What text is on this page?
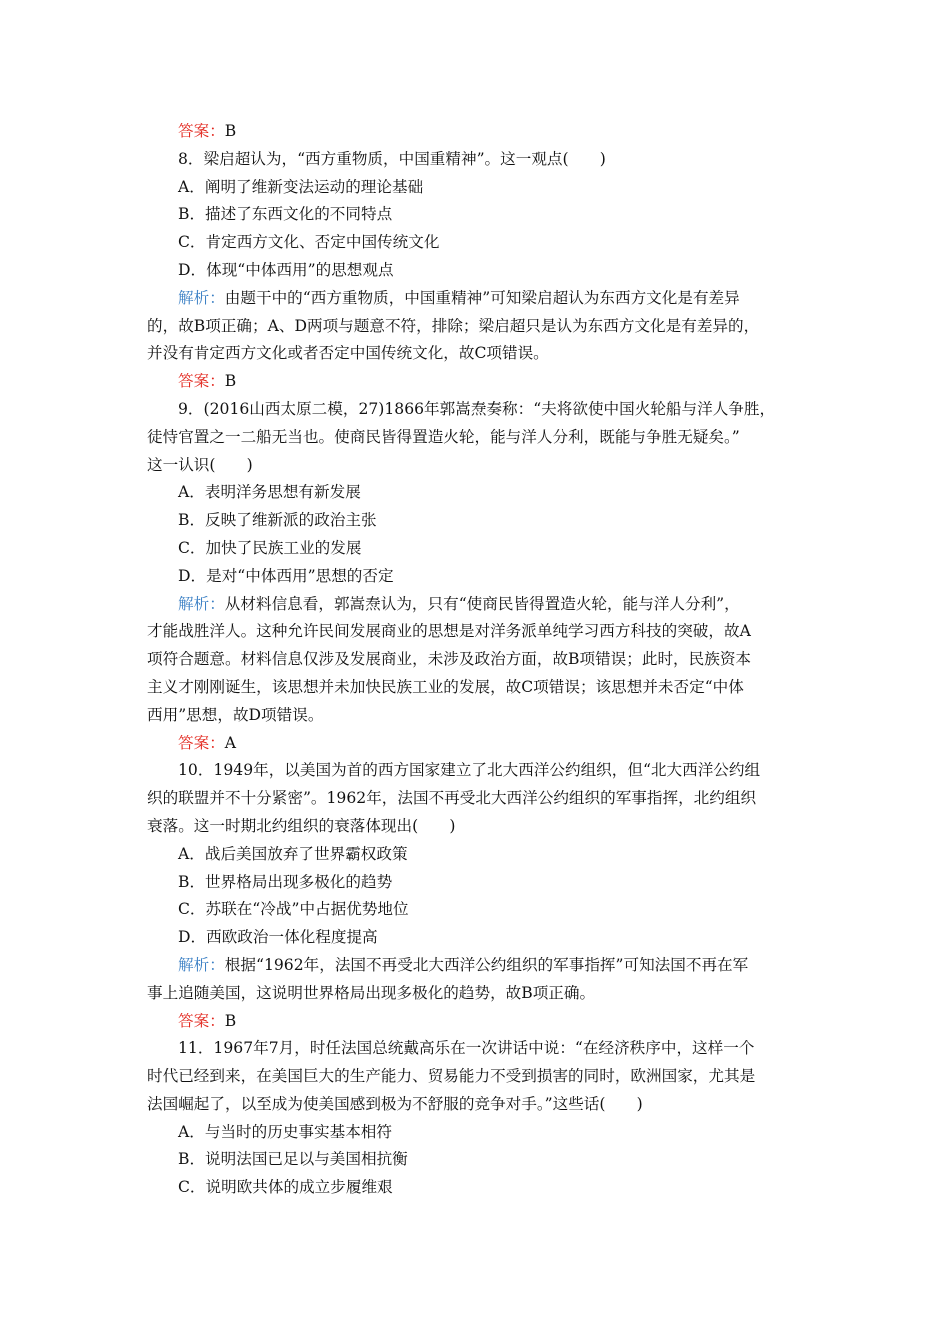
答案：B
8．梁启超认为，“西方重物质，中国重精神”。这一观点(　　)
A．阐明了维新变法运动的理论基础
B．描述了东西文化的不同特点
C．肯定西方文化、否定中国传统文化
D．体现“中体西用”的思想观点
解析：由题干中的“西方重物质，中国重精神”可知梁启超认为东西方文化是有差异
的，故B项正确；A、D两项与题意不符，排除；梁启超只是认为东西方文化是有差异的，
并没有肯定西方文化或者否定中国传统文化，故C项错误。
答案：B
9．(2016山西太原二模，27)1866年郭嵩焘奏称：“夫将欲使中国火轮船与洋人争胜，
徒恃官置之一二船无当也。使商民皆得置造火轮，能与洋人分利，既能与争胜无疑矣。”
这一认识(　　)
A．表明洋务思想有新发展
B．反映了维新派的政治主张
C．加快了民族工业的发展
D．是对“中体西用”思想的否定
解析：从材料信息看，郭嵩焘认为，只有“使商民皆得置造火轮，能与洋人分利”，
才能战胜洋人。这种允许民间发展商业的思想是对洋务派单纯学习西方科技的突破，故A
项符合题意。材料信息仅涉及发展商业，未涉及政治方面，故B项错误；此时，民族资本
主义才刚刚诞生，该思想并未加快民族工业的发展，故C项错误；该思想并未否定“中体
西用”思想，故D项错误。
答案：A
10．1949年，以美国为首的西方国家建立了北大西洋公约组织，但“北大西洋公约组
织的联盟并不十分紧密”。1962年，法国不再受北大西洋公约组织的军事指挥，北约组织
衰落。这一时期北约组织的衰落体现出(　　)
A．战后美国放弃了世界霸权政策
B．世界格局出现多极化的趋势
C．苏联在“冷战”中占据优势地位
D．西欧政治一体化程度提高
解析：根据“1962年，法国不再受北大西洋公约组织的军事指挥”可知法国不再在军
事上追随美国，这说明世界格局出现多极化的趋势，故B项正确。
答案：B
11．1967年7月，时任法国总统戴高乐在一次讲话中说：“在经济秩序中，这样一个
时代已经到来，在美国巨大的生产能力、贸易能力不受到损害的同时，欧洲国家，尤其是
法国崛起了，以至成为使美国感到极为不舒服的竞争对手。”这些话(　　)
A．与当时的历史事实基本相符
B．说明法国已足以与美国相抗衡
C．说明欧共体的成立步履维艰
